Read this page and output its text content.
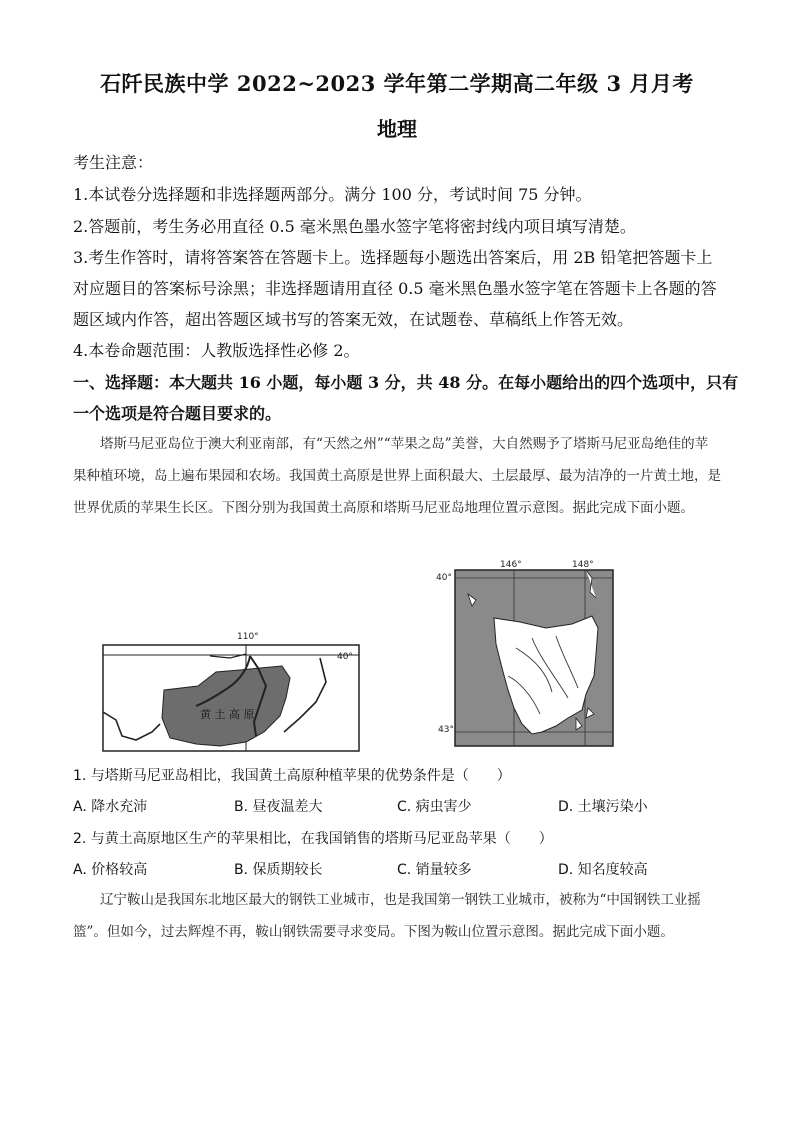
石阡民族中学 2022~2023 学年第二学期高二年级 3 月月考
地理
考生注意：
1.本试卷分选择题和非选择题两部分。满分 100 分，考试时间 75 分钟。
2.答题前，考生务必用直径 0.5 毫米黑色墨水签字笔将密封线内项目填写清楚。
3.考生作答时，请将答案答在答题卡上。选择题每小题选出答案后，用 2B 铅笔把答题卡上
对应题目的答案标号涂黑；非选择题请用直径 0.5 毫米黑色墨水签字笔在答题卡上各题的答
题区域内作答，超出答题区域书写的答案无效，在试题卷、草稿纸上作答无效。
4.本卷命题范围：人教版选择性必修 2。
一、选择题：本大题共 16 小题，每小题 3 分，共 48 分。在每小题给出的四个选项中，只有
一个选项是符合题目要求的。
塔斯马尼亚岛位于澳大利亚南部，有“天然之州”“苹果之岛”美誉，大自然赐予了塔斯马尼亚岛绝佳的苹果种植环境，岛上遍布果园和农场。我国黄土高原是世界上面积最大、土层最厚、最为洁净的一片黄土地，是世界优质的苹果生长区。下图分别为我国黄土高原和塔斯马尼亚岛地理位置示意图。据此完成下面小题。
110°
40°
黄 土 高 原
146°	148°
40°
43°
1. 与塔斯马尼亚岛相比，我国黄土高原种植苹果的优势条件是（　　）
A. 降水充沛	B. 昼夜温差大	C. 病虫害少	D. 土壤污染小
2. 与黄土高原地区生产的苹果相比，在我国销售的塔斯马尼亚岛苹果（　　）
A. 价格较高	B. 保质期较长	C. 销量较多	D. 知名度较高
辽宁鞍山是我国东北地区最大的钢铁工业城市，也是我国第一钢铁工业城市，被称为“中国钢铁工业摇篮”。但如今，过去辉煌不再，鞍山钢铁需要寻求变局。下图为鞍山位置示意图。据此完成下面小题。
